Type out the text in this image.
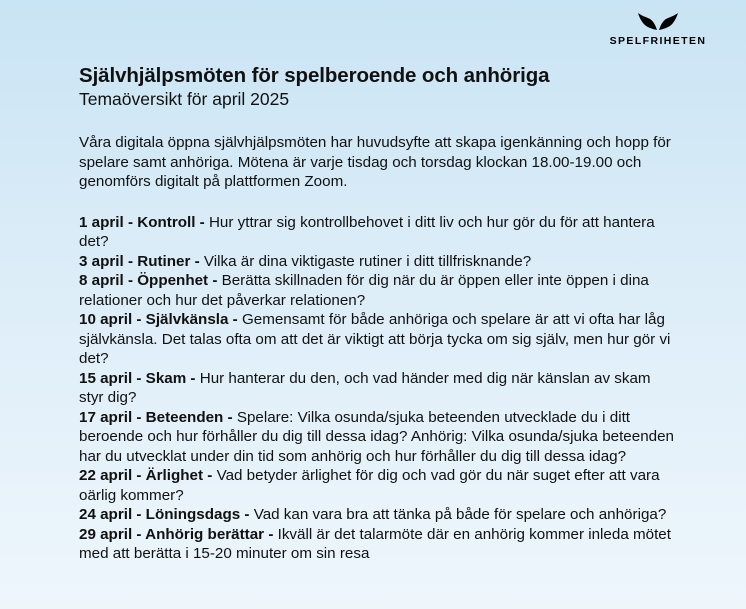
SPELFRIHETEN
Självhjälpsmöten för spelberoende och anhöriga
Temaöversikt för april 2025

Våra digitala öppna självhjälpsmöten har huvudsyfte att skapa igenkänning och hopp för spelare samt anhöriga. Mötena är varje tisdag och torsdag klockan 18.00-19.00 och genomförs digitalt på plattformen Zoom.

1 april - Kontroll - Hur yttrar sig kontrollbehovet i ditt liv och hur gör du för att hantera det?
3 april - Rutiner - Vilka är dina viktigaste rutiner i ditt tillfrisknande?
8 april - Öppenhet - Berätta skillnaden för dig när du är öppen eller inte öppen i dina relationer och hur det påverkar relationen?
10 april - Självkänsla - Gemensamt för både anhöriga och spelare är att vi ofta har låg självkänsla. Det talas ofta om att det är viktigt att börja tycka om sig själv, men hur gör vi det?
15 april - Skam - Hur hanterar du den, och vad händer med dig när känslan av skam styr dig?
17 april - Beteenden - Spelare: Vilka osunda/sjuka beteenden utvecklade du i ditt beroende och hur förhåller du dig till dessa idag? Anhörig: Vilka osunda/sjuka beteenden har du utvecklat under din tid som anhörig och hur förhåller du dig till dessa idag?
22 april - Ärlighet - Vad betyder ärlighet för dig och vad gör du när suget efter att vara oärlig kommer?
24 april - Löningsdags - Vad kan vara bra att tänka på både för spelare och anhöriga?
29 april - Anhörig berättar - Ikväll är det talarmöte där en anhörig kommer inleda mötet med att berätta i 15-20 minuter om sin resa
